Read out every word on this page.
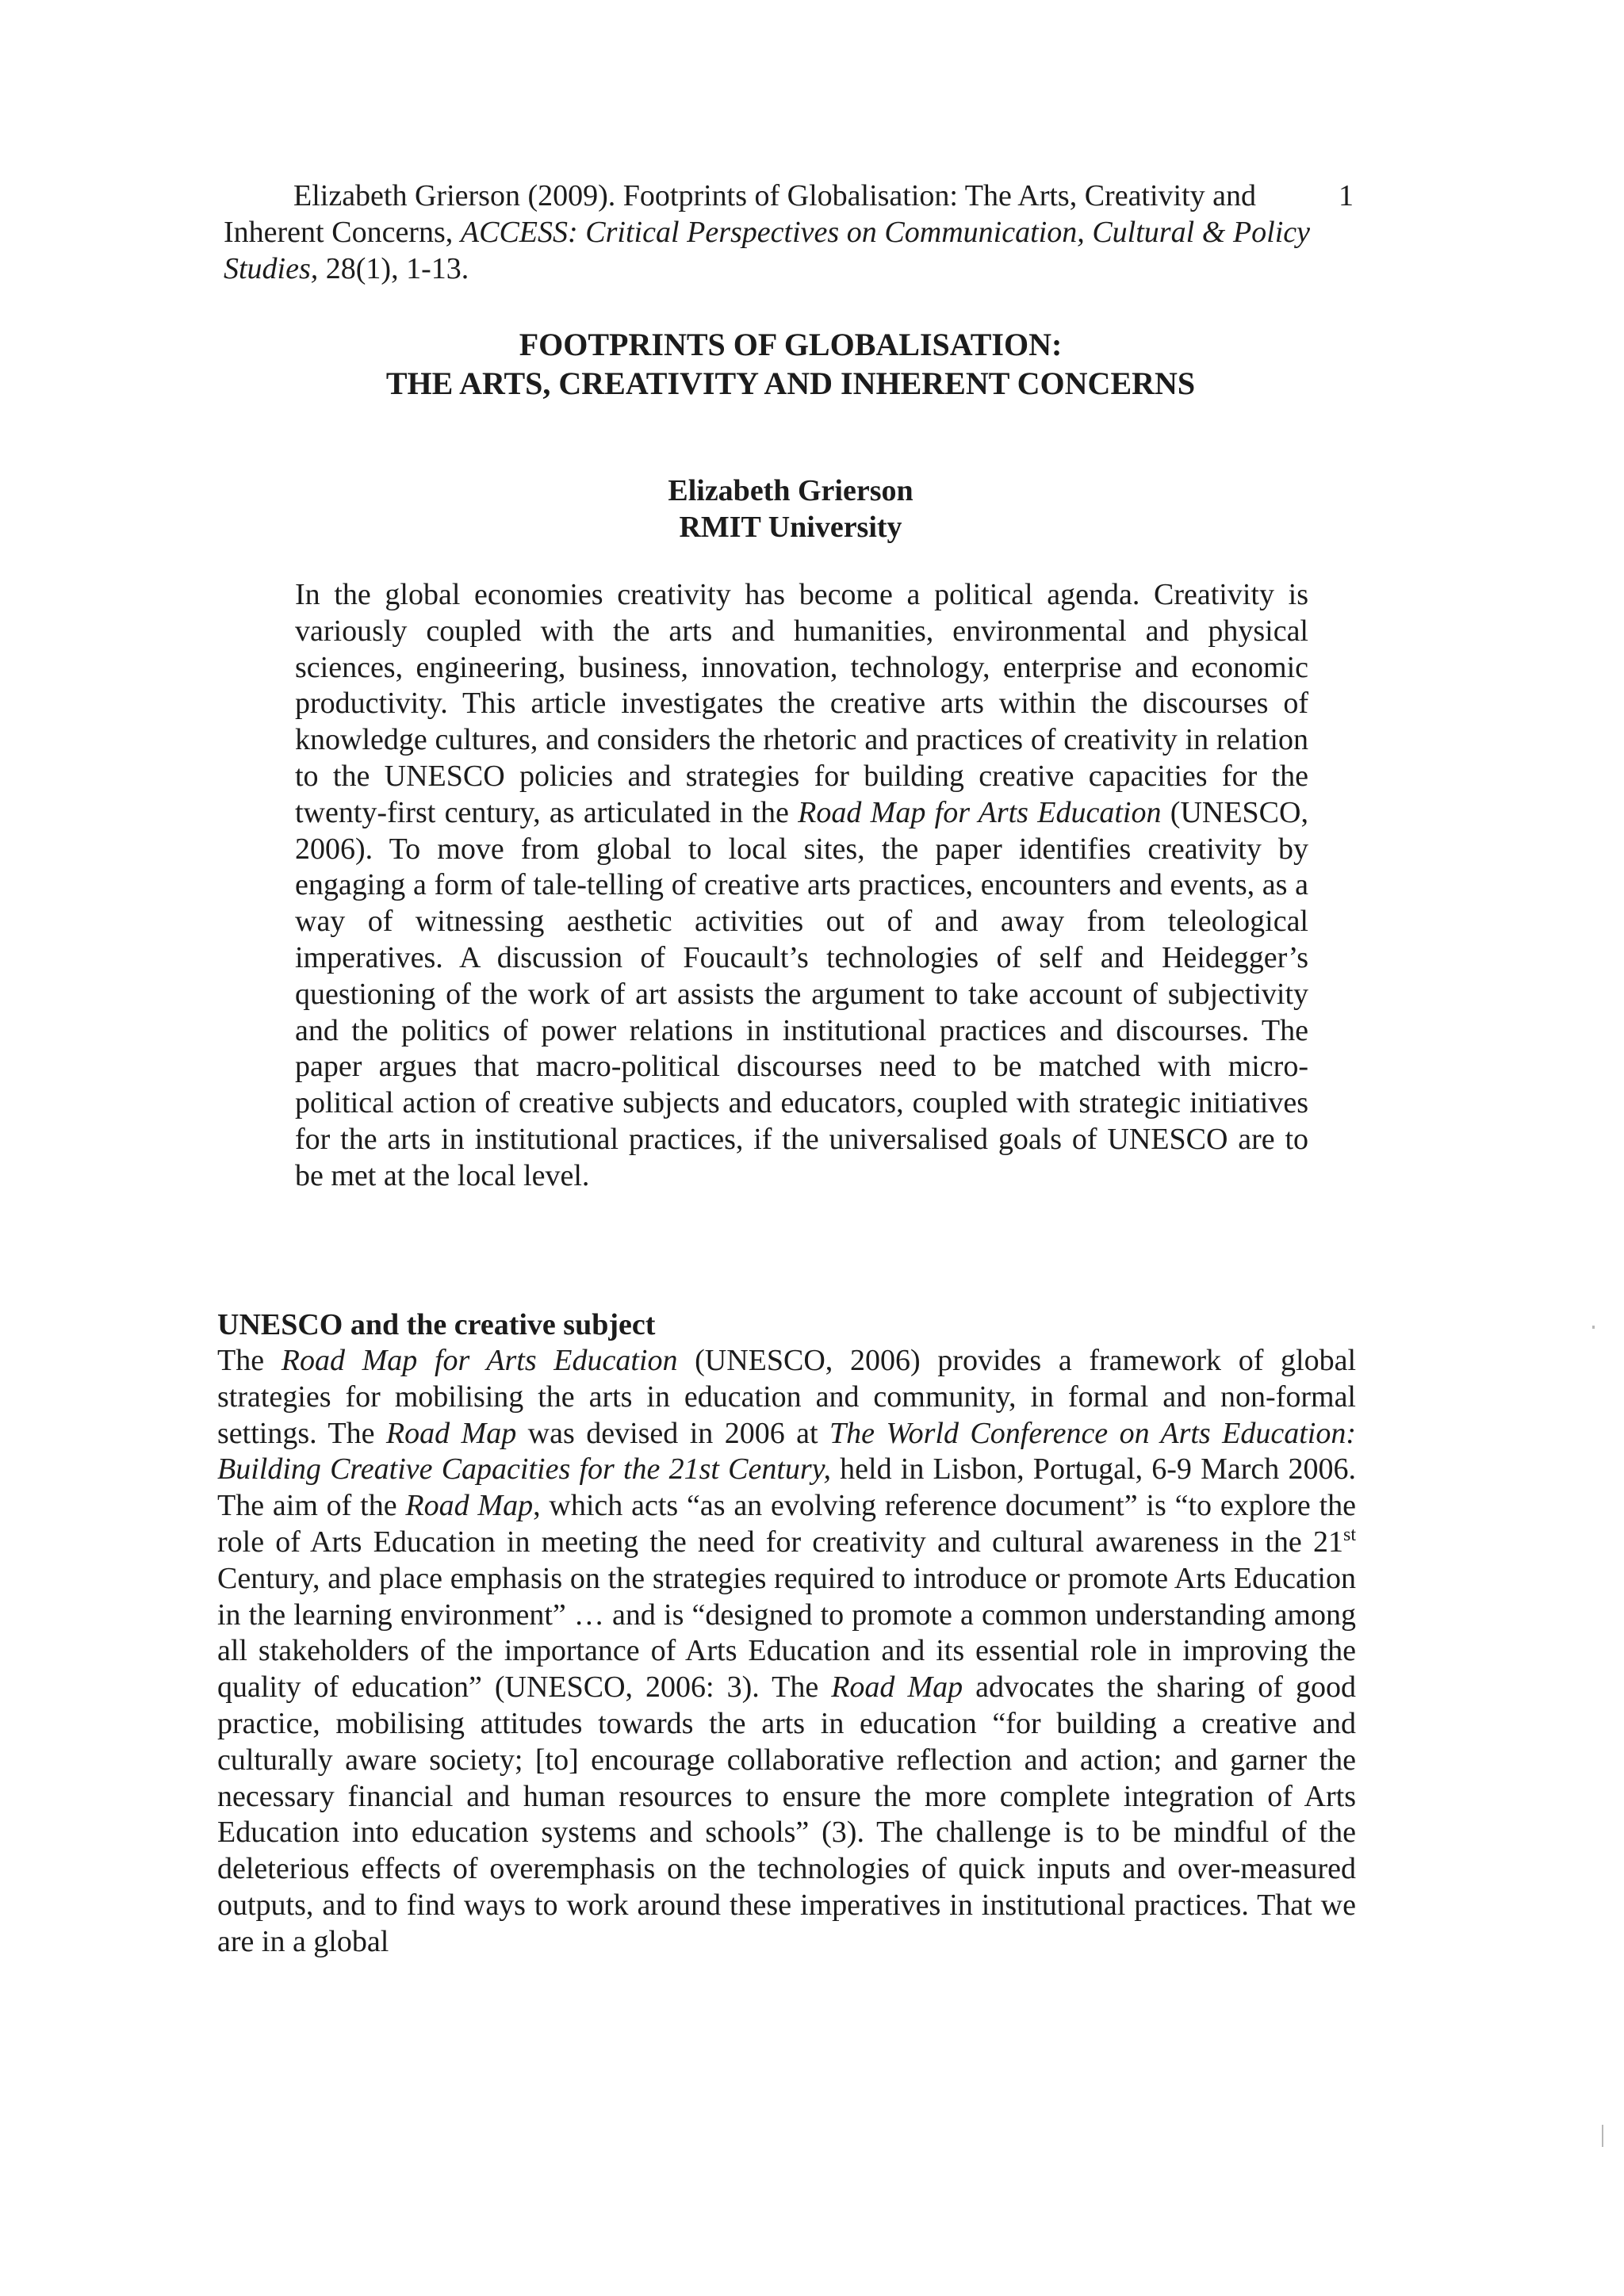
1
Elizabeth Grierson (2009). Footprints of Globalisation: The Arts, Creativity and
Inherent Concerns, ACCESS: Critical Perspectives on Communication, Cultural & Policy Studies, 28(1), 1-13.
FOOTPRINTS OF GLOBALISATION:
THE ARTS, CREATIVITY AND INHERENT CONCERNS
Elizabeth Grierson
RMIT University

In the global economies creativity has become a political agenda. Creativity is variously coupled with the arts and humanities, environmental and physical sciences, engineering, business, innovation, technology, enterprise and economic productivity. This article investigates the creative arts within the discourses of knowledge cultures, and considers the rhetoric and practices of creativity in relation to the UNESCO policies and strategies for building creative capacities for the twenty-first century, as articulated in the Road Map for Arts Education (UNESCO, 2006). To move from global to local sites, the paper identifies creativity by engaging a form of tale-telling of creative arts practices, encounters and events, as a way of witnessing aesthetic activities out of and away from teleological imperatives. A discussion of Foucault’s technologies of self and Heidegger’s questioning of the work of art assists the argument to take account of subjectivity and the politics of power relations in institutional practices and discourses. The paper argues that macro-political discourses need to be matched with micro-political action of creative subjects and educators, coupled with strategic initiatives for the arts in institutional practices, if the universalised goals of UNESCO are to be met at the local level.

UNESCO and the creative subject

The Road Map for Arts Education (UNESCO, 2006) provides a framework of global strategies for mobilising the arts in education and community, in formal and non-formal settings. The Road Map was devised in 2006 at The World Conference on Arts Education: Building Creative Capacities for the 21st Century, held in Lisbon, Portugal, 6-9 March 2006. The aim of the Road Map, which acts “as an evolving reference document” is “to explore the role of Arts Education in meeting the need for creativity and cultural awareness in the 21st Century, and place emphasis on the strategies required to introduce or promote Arts Education in the learning environment” … and is “designed to promote a common understanding among all stakeholders of the importance of Arts Education and its essential role in improving the quality of education” (UNESCO, 2006: 3). The Road Map advocates the sharing of good practice, mobilising attitudes towards the arts in education “for building a creative and culturally aware society; [to] encourage collaborative reflection and action; and garner the necessary financial and human resources to ensure the more complete integration of Arts Education into education systems and schools” (3). The challenge is to be mindful of the deleterious effects of overemphasis on the technologies of quick inputs and over-measured outputs, and to find ways to work around these imperatives in institutional practices. That we are in a global
